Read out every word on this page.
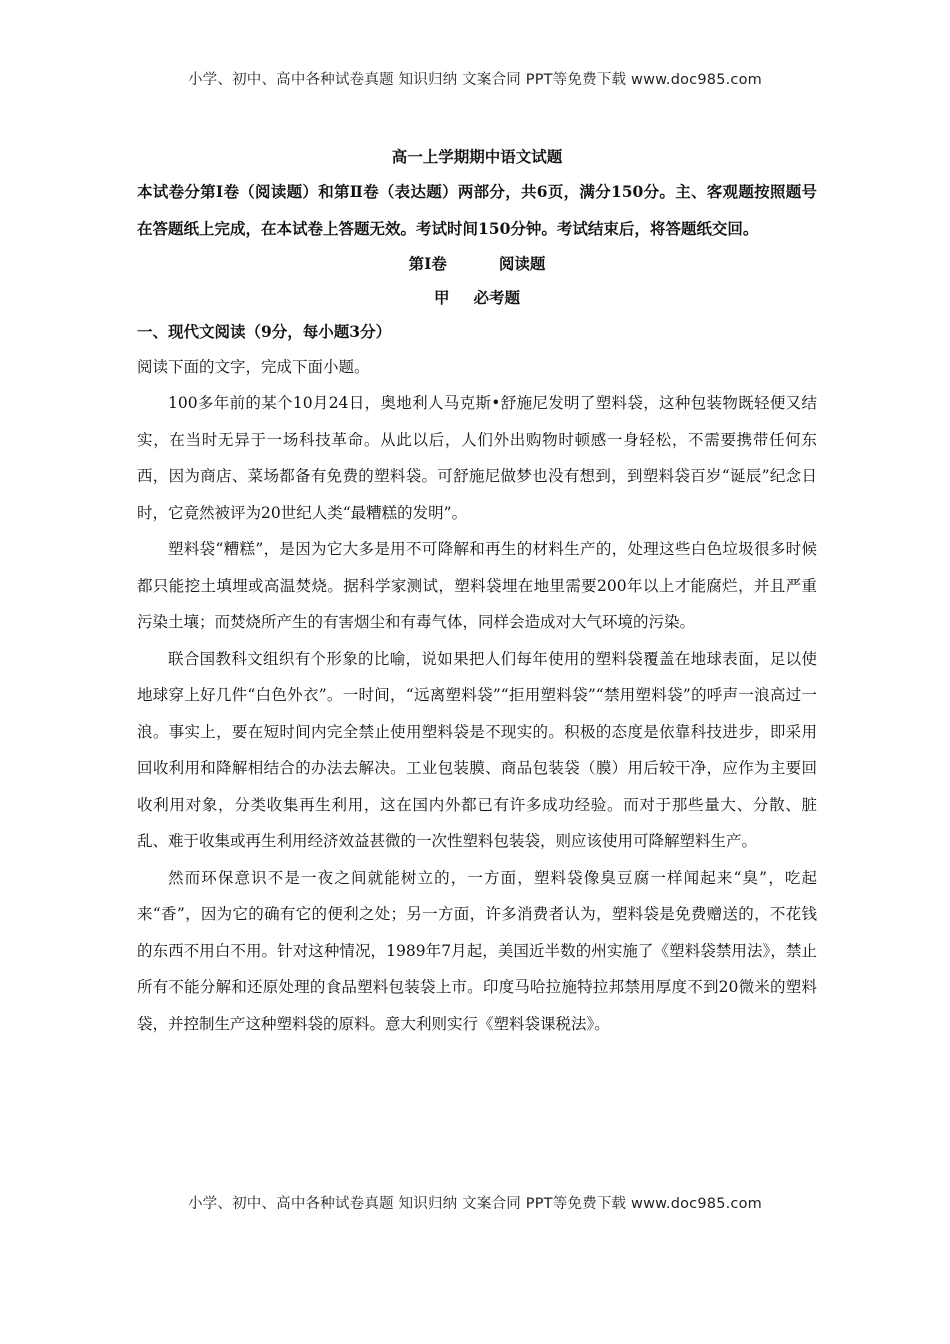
小学、初中、高中各种试卷真题 知识归纳 文案合同 PPT等免费下载 www.doc985.com
高一上学期期中语文试题

本试卷分第Ⅰ卷（阅读题）和第Ⅱ卷（表达题）两部分，共6页，满分150分。主、客观题按照题号在答题纸上完成，在本试卷上答题无效。考试时间150分钟。考试结束后，将答题纸交回。

第Ⅰ卷	阅读题

甲 必考题

一、现代文阅读（9分，每小题3分）

阅读下面的文字，完成下面小题。

100多年前的某个10月24日，奥地利人马克斯•舒施尼发明了塑料袋，这种包装物既轻便又结实，在当时无异于一场科技革命。从此以后，人们外出购物时顿感一身轻松，不需要携带任何东西，因为商店、菜场都备有免费的塑料袋。可舒施尼做梦也没有想到，到塑料袋百岁“诞辰”纪念日时，它竟然被评为20世纪人类“最糟糕的发明”。

塑料袋“糟糕”，是因为它大多是用不可降解和再生的材料生产的，处理这些白色垃圾很多时候都只能挖土填埋或高温焚烧。据科学家测试，塑料袋埋在地里需要200年以上才能腐烂，并且严重污染土壤；而焚烧所产生的有害烟尘和有毒气体，同样会造成对大气环境的污染。

联合国教科文组织有个形象的比喻，说如果把人们每年使用的塑料袋覆盖在地球表面，足以使地球穿上好几件“白色外衣”。一时间，“远离塑料袋”“拒用塑料袋”“禁用塑料袋”的呼声一浪高过一浪。事实上，要在短时间内完全禁止使用塑料袋是不现实的。积极的态度是依靠科技进步，即采用回收利用和降解相结合的办法去解决。工业包装膜、商品包装袋（膜）用后较干净，应作为主要回收利用对象，分类收集再生利用，这在国内外都已有许多成功经验。而对于那些量大、分散、脏乱、难于收集或再生利用经济效益甚微的一次性塑料包装袋，则应该使用可降解塑料生产。

然而环保意识不是一夜之间就能树立的，一方面，塑料袋像臭豆腐一样闻起来“臭”，吃起来“香”，因为它的确有它的便利之处；另一方面，许多消费者认为，塑料袋是免费赠送的，不花钱的东西不用白不用。针对这种情况，1989年7月起，美国近半数的州实施了《塑料袋禁用法》，禁止所有不能分解和还原处理的食品塑料包装袋上市。印度马哈拉施特拉邦禁用厚度不到20微米的塑料袋，并控制生产这种塑料袋的原料。意大利则实行《塑料袋课税法》。

小学、初中、高中各种试卷真题 知识归纳 文案合同 PPT等免费下载 www.doc985.com
